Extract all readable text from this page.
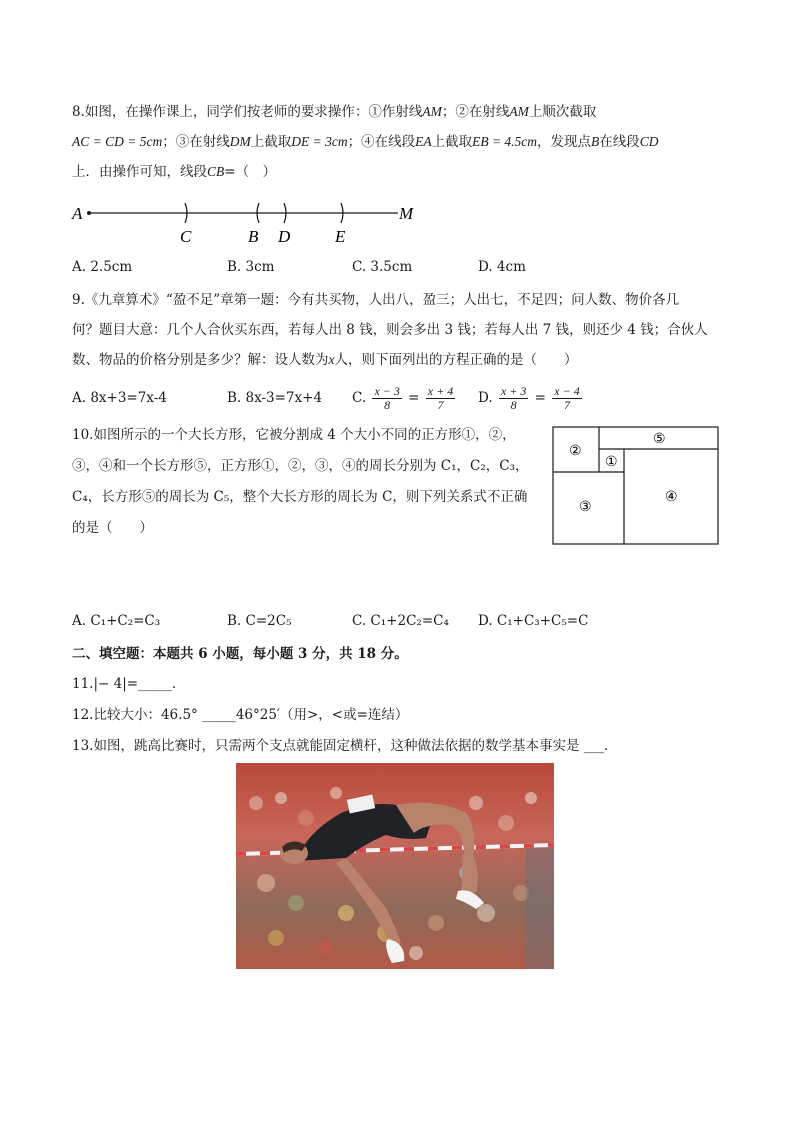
8.如图，在操作课上，同学们按老师的要求操作：①作射线AM；②在射线AM上顺次截取
AC = CD = 5cm；③在射线DM上截取DE = 3cm；④在线段EA上截取EB = 4.5cm，发现点B在线段CD
上．由操作可知，线段CB=（　）
A
C	B D	E
M
A. 2.5cm	B. 3cm	C. 3.5cm	D. 4cm
9.《九章算术》“盈不足”章第一题：今有共买物，人出八，盈三；人出七，不足四；问人数、物价各几
何？题目大意：几个人合伙买东西，若每人出 8 钱，则会多出 3 钱；若每人出 7 钱，则还少 4 钱；合伙人
数、物品的价格分别是多少？解：设人数为x人，则下面列出的方程正确的是（　　）
A. 8x+3=7x-4	B. 8x-3=7x+4 C. $\frac{x - 3}{8} = \frac{x + 4}{7} D$. $\frac{x + 3}{8} = \frac{x - 4}{7}$
10.如图所示的一个大长方形，它被分割成 4 个大小不同的正方形①，②，
③，④和一个长方形⑤，正方形①，②，③，④的周长分别为 C₁，C₂，C₃，
C₄，长方形⑤的周长为 C₅，整个大长方形的周长为 C，则下列关系式不正确
的是（　　）
②
⑤
①
③
④
A. C₁+C₂=C₃	B. C=2C₅	C. C₁+2C₂=C₄ D. C₁+C₃+C₅=C
二、填空题：本题共 6 小题，每小题 3 分，共 18 分。
11.|− 4|=_____．
12.比较大小：46.5° _____46°25′（用>，<或=连结）
13.如图，跳高比赛时，只需两个支点就能固定横杆，这种做法依据的数学基本事实是 ___．
